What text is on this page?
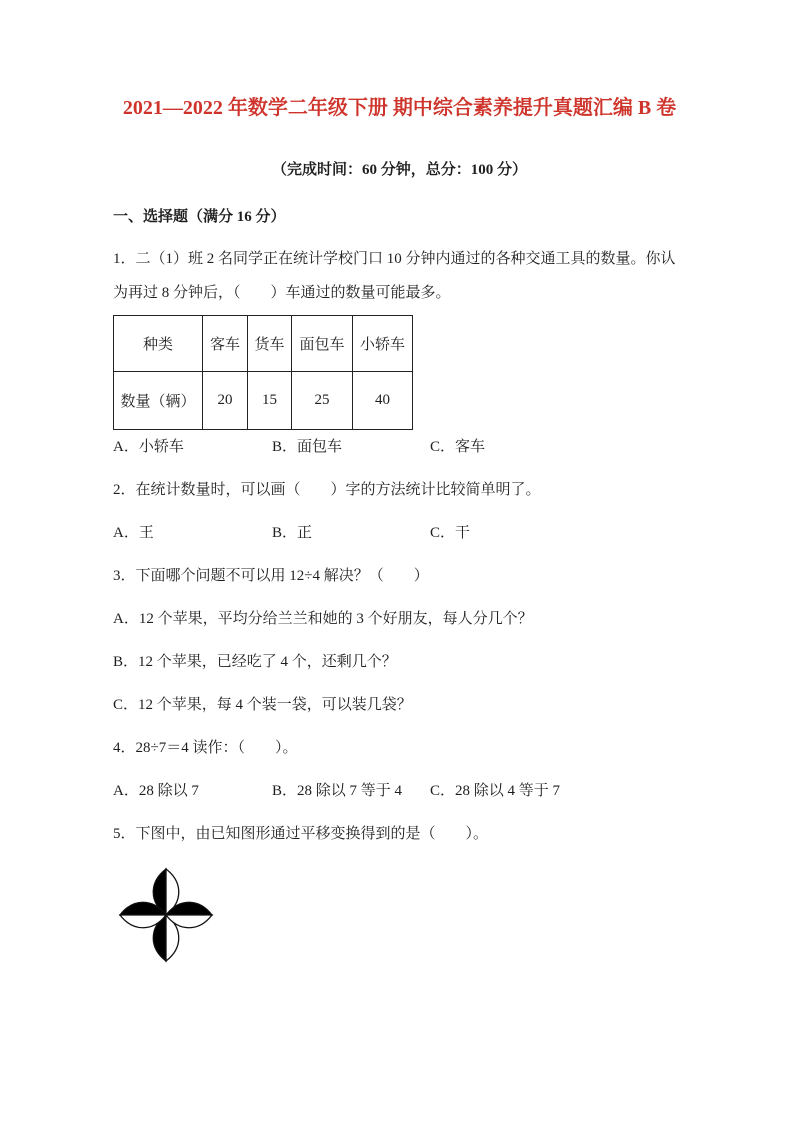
2021—2022 年数学二年级下册 期中综合素养提升真题汇编 B 卷
（完成时间：60 分钟，总分：100 分）
一、选择题（满分 16 分）

1．二（1）班 2 名同学正在统计学校门口 10 分钟内通过的各种交通工具的数量。你认为再过 8 分钟后，（        ）车通过的数量可能最多。

种类	客车	货车	面包车	小轿车
数量（辆）	20	15	25	40
A．小轿车	B．面包车	C．客车

2．在统计数量时，可以画（        ）字的方法统计比较简单明了。

A．王	B．正	C．干

3．下面哪个问题不可以用 12÷4 解决？（        ）

A．12 个苹果，平均分给兰兰和她的 3 个好朋友，每人分几个？

B．12 个苹果，已经吃了 4 个，还剩几个？

C．12 个苹果，每 4 个装一袋，可以装几袋？

4．28÷7＝4 读作：（        ）。

A．28 除以 7	B．28 除以 7 等于 4	C．28 除以 4 等于 7

5．下图中，由已知图形通过平移变换得到的是（        ）。
